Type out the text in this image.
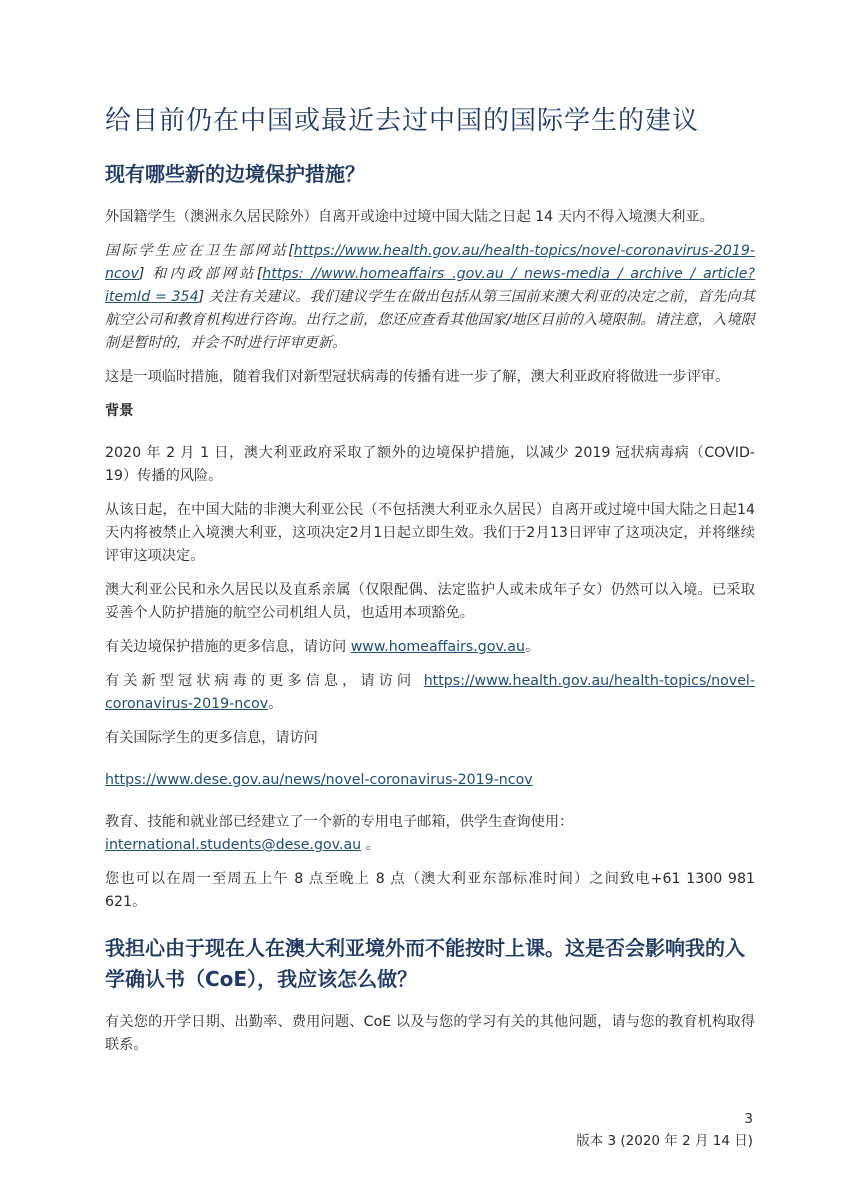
给目前仍在中国或最近去过中国的国际学生的建议
现有哪些新的边境保护措施？

外国籍学生（澳洲永久居民除外）自离开或途中过境中国大陆之日起 14 天内不得入境澳大利亚。

国际学生应在卫生部网站[https://www.health.gov.au/health-topics/novel-coronavirus-2019-ncov] 和内政部网站[https: //www.homeaffairs .gov.au / news-media / archive / article? itemId = 354] 关注有关建议。我们建议学生在做出包括从第三国前来澳大利亚的决定之前，首先向其航空公司和教育机构进行咨询。出行之前，您还应查看其他国家/地区目前的入境限制。请注意，入境限制是暂时的，并会不时进行评审更新。

这是一项临时措施，随着我们对新型冠状病毒的传播有进一步了解，澳大利亚政府将做进一步评审。

背景

2020 年 2 月 1 日，澳大利亚政府采取了额外的边境保护措施，以减少 2019 冠状病毒病（COVID-19）传播的风险。

从该日起，在中国大陆的非澳大利亚公民（不包括澳大利亚永久居民）自离开或过境中国大陆之日起14天内将被禁止入境澳大利亚，这项决定2月1日起立即生效。我们于2月13日评审了这项决定，并将继续评审这项决定。

澳大利亚公民和永久居民以及直系亲属（仅限配偶、法定监护人或未成年子女）仍然可以入境。已采取妥善个人防护措施的航空公司机组人员，也适用本项豁免。

有关边境保护措施的更多信息，请访问 www.homeaffairs.gov.au。

有关新型冠状病毒的更多信息，请访问 https://www.health.gov.au/health-topics/novel-coronavirus-2019-ncov。

有关国际学生的更多信息，请访问

https://www.dese.gov.au/news/novel-coronavirus-2019-ncov

教育、技能和就业部已经建立了一个新的专用电子邮箱，供学生查询使用：
international.students@dese.gov.au 。

您也可以在周一至周五上午 8 点至晚上 8 点（澳大利亚东部标准时间）之间致电+61 1300 981 621。

我担心由于现在人在澳大利亚境外而不能按时上课。这是否会影响我的入学确认书（CoE），我应该怎么做？

有关您的开学日期、出勤率、费用问题、CoE 以及与您的学习有关的其他问题，请与您的教育机构取得联系。

3
版本 3 (2020 年 2 月 14 日)
